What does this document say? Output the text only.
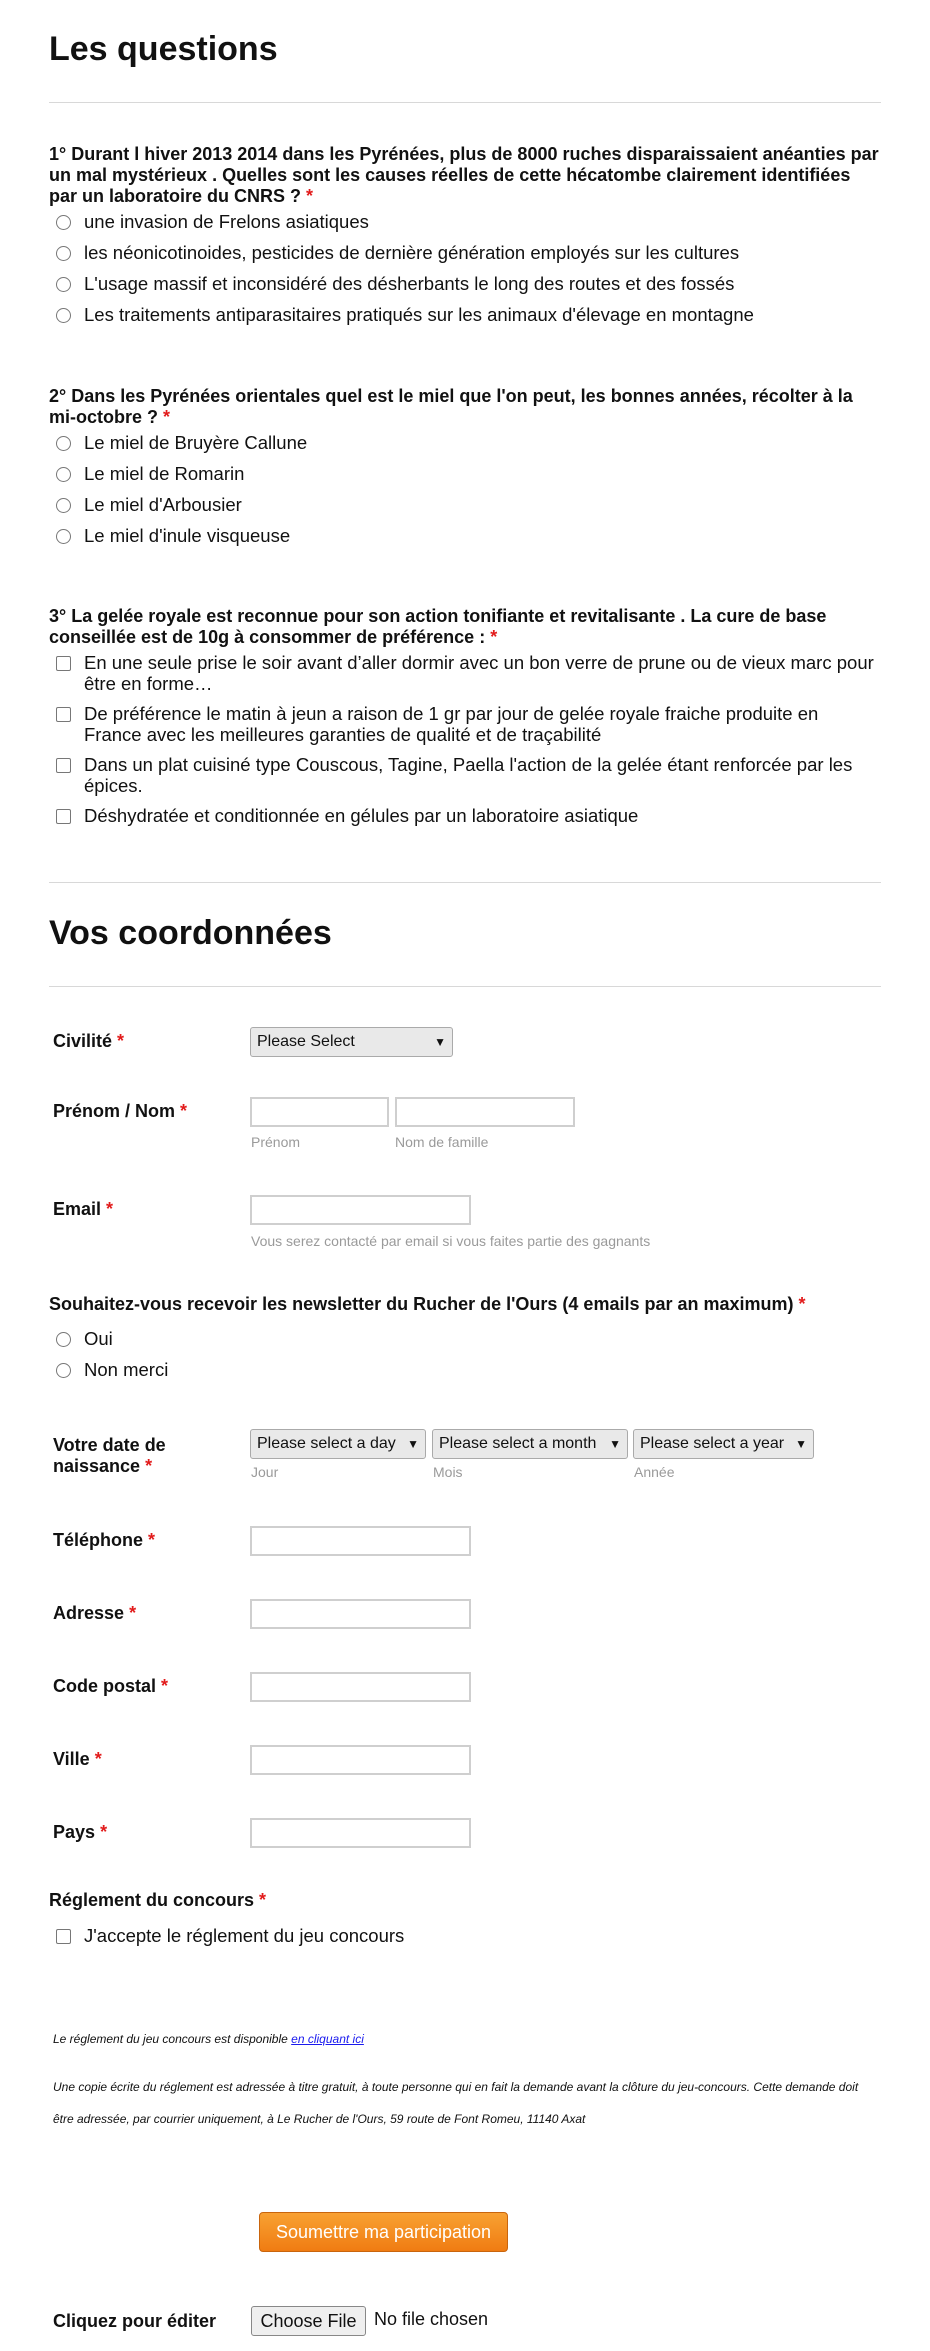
Les questions
1° Durant l hiver 2013 2014 dans les Pyrénées, plus de 8000 ruches disparaissaient anéanties par un mal mystérieux . Quelles sont les causes réelles de cette hécatombe clairement identifiées par un laboratoire du CNRS ? *
une invasion de Frelons asiatiques
les néonicotinoides, pesticides de dernière génération employés sur les cultures
L'usage massif et inconsidéré des désherbants le long des routes et des fossés
Les traitements antiparasitaires pratiqués sur les animaux d'élevage en montagne
2° Dans les Pyrénées orientales quel est le miel que l'on peut, les bonnes années, récolter à la mi-octobre ? *
Le miel de Bruyère Callune
Le miel de Romarin
Le miel d'Arbousier
Le miel d'inule visqueuse
3° La gelée royale est reconnue pour son action tonifiante et revitalisante . La cure de base conseillée est de 10g à consommer de préférence : *
En une seule prise le soir avant d’aller dormir avec un bon verre de prune ou de vieux marc pour être en forme…
De préférence le matin à jeun a raison de 1 gr par jour de gelée royale fraiche produite en France avec les meilleures garanties de qualité et de traçabilité
Dans un plat cuisiné type Couscous, Tagine, Paella l'action de la gelée étant renforcée par les épices.
Déshydratée et conditionnée en gélules par un laboratoire asiatique
Vos coordonnées
Civilité *	Please Select	▼
Prénom / Nom *
Prénom	Nom de famille
Email *
Vous serez contacté par email si vous faites partie des gagnants
Souhaitez-vous recevoir les newsletter du Rucher de l'Ours (4 emails par an maximum) *
Oui
Non merci
Votre date de
naissance *
Please select a day ▼ Please select a month ▼ Please select a year ▼
Jour	Mois	Année
Téléphone *
Adresse *
Code postal *
Ville *
Pays *
Réglement du concours *
J'accepte le réglement du jeu concours
Le réglement du jeu concours est disponible en cliquant ici
Une copie écrite du réglement est adressée à titre gratuit, à toute personne qui en fait la demande avant la clôture du jeu-concours. Cette demande doit
être adressée, par courrier uniquement, à Le Rucher de l'Ours, 59 route de Font Romeu, 11140 Axat
Soumettre ma participation
Cliquez pour éditer	Choose File No file chosen
